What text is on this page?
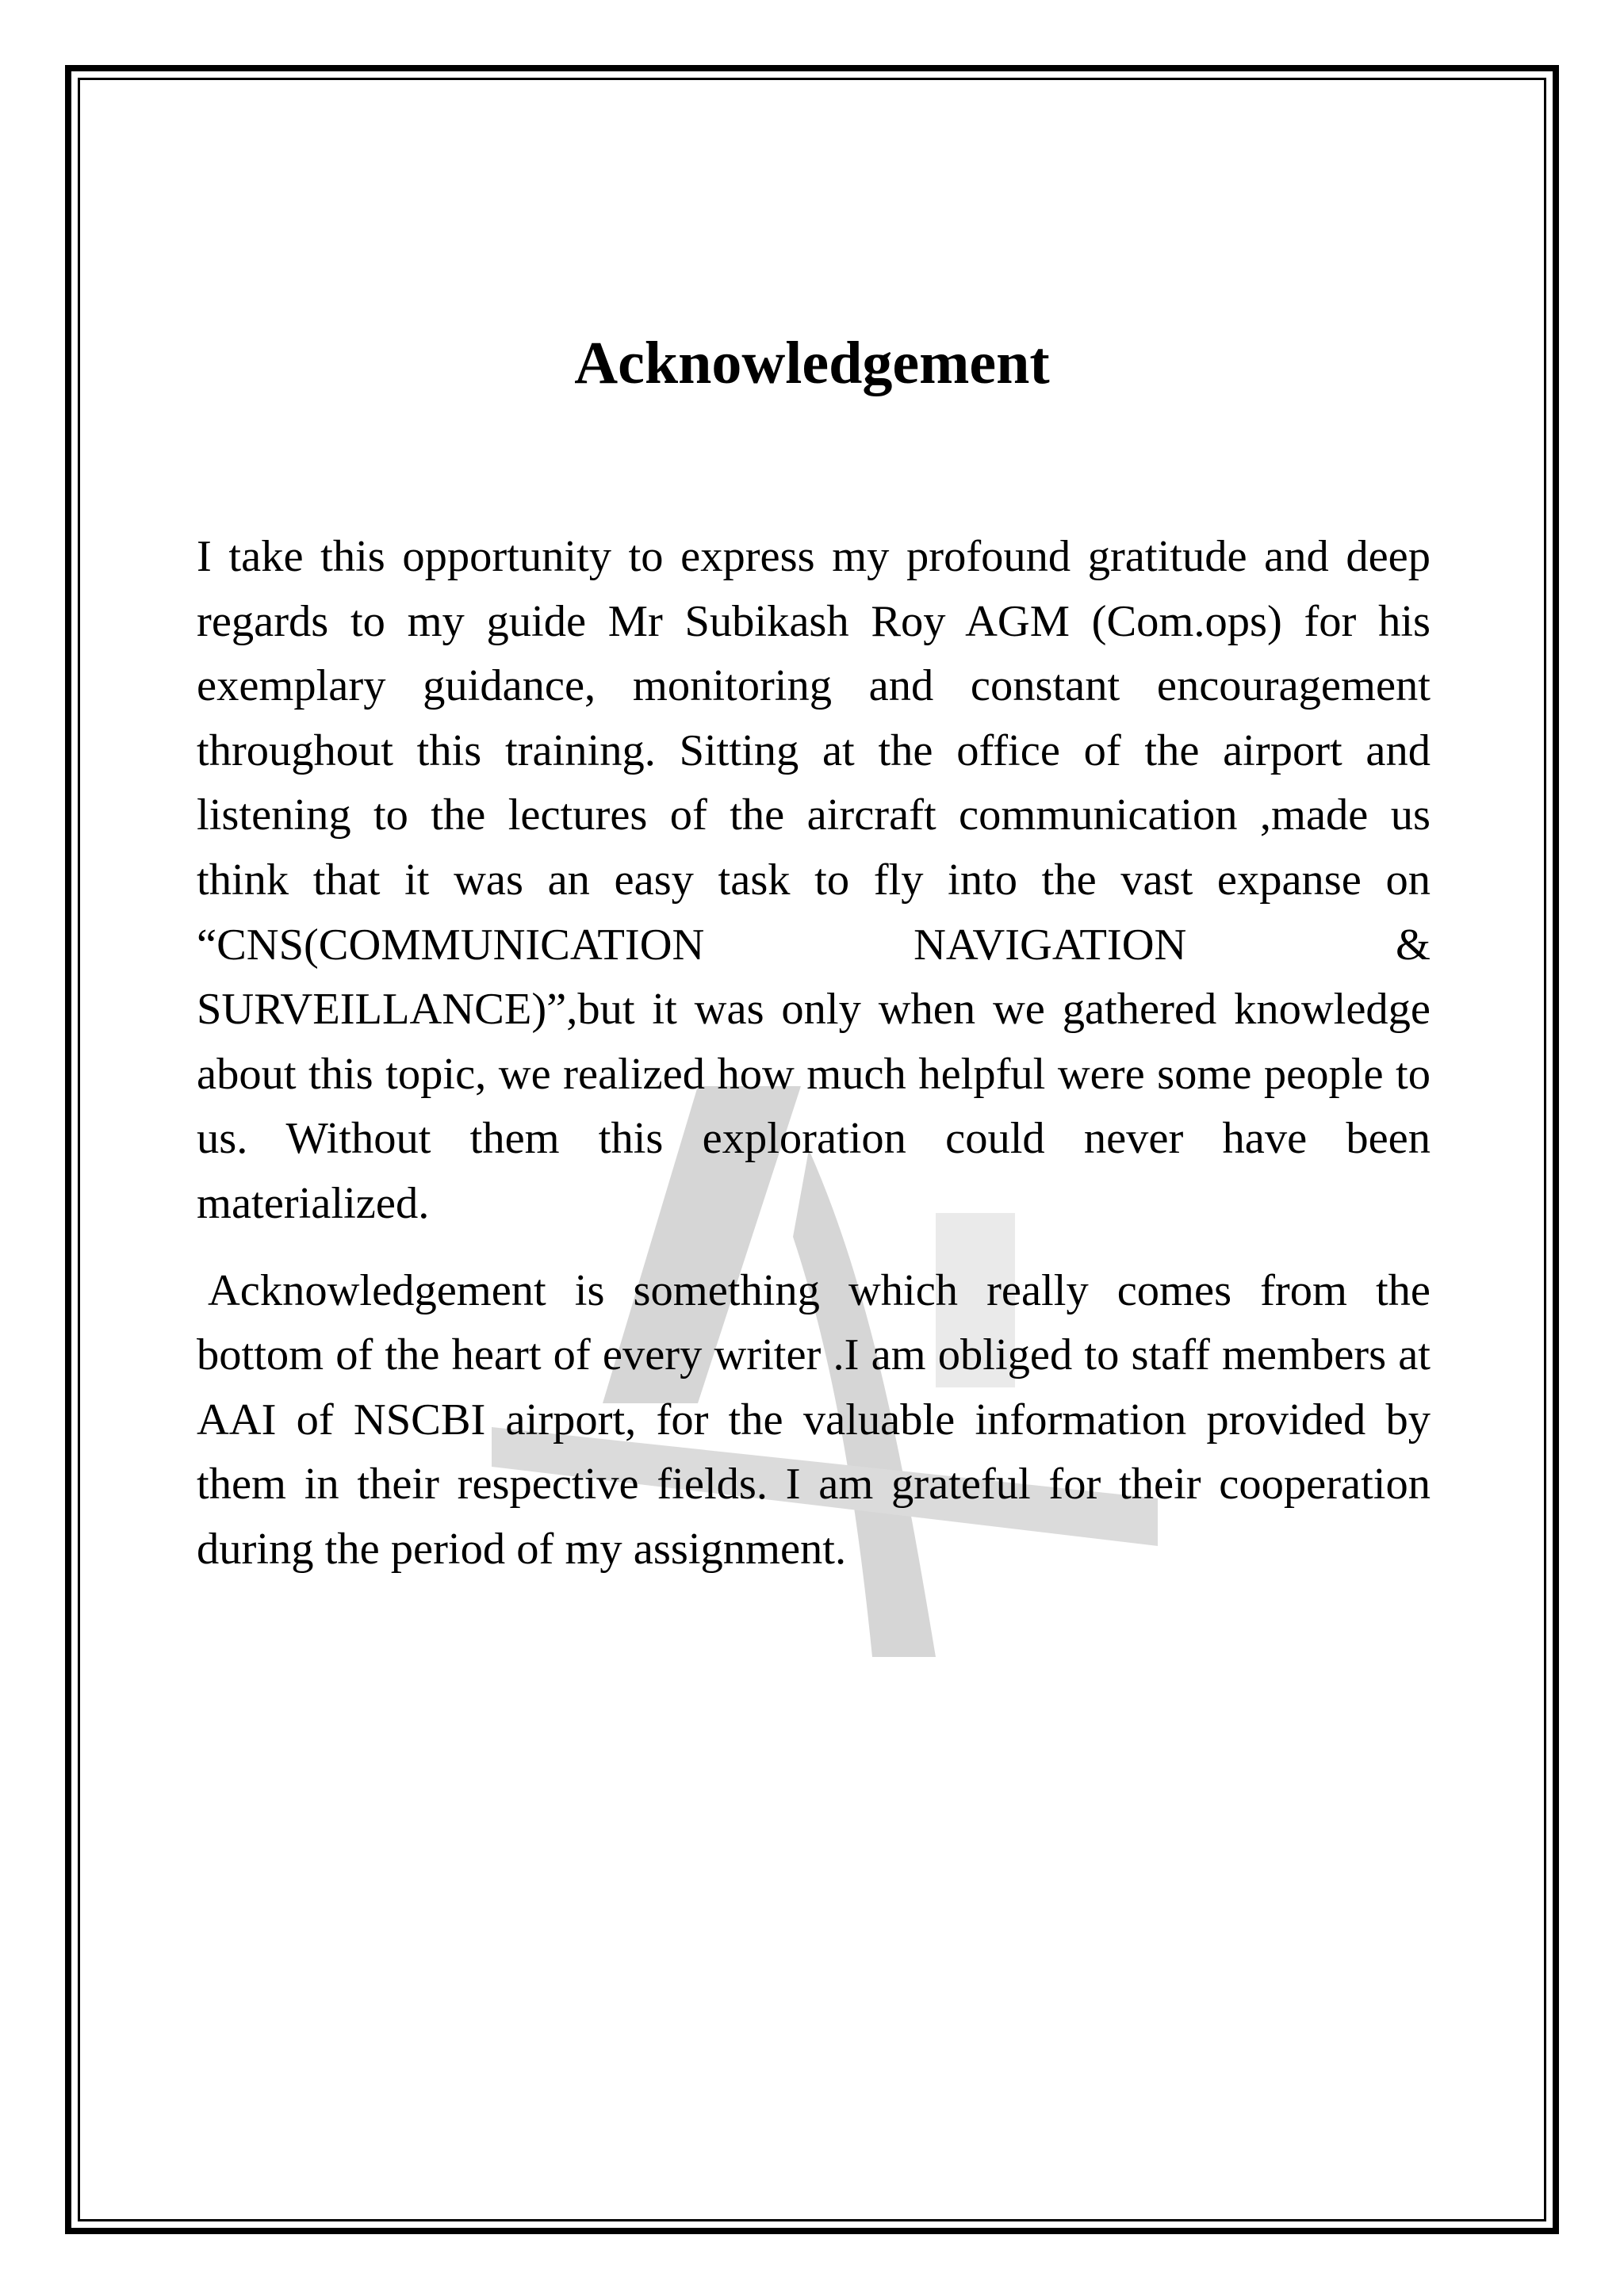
Acknowledgement

I take this opportunity to express my profound gratitude and deep regards to my guide Mr Subikash Roy AGM (Com.ops) for his exemplary guidance, monitoring and constant encouragement throughout this training. Sitting at the office of the airport and listening to the lectures of the aircraft communication ,made us think that it was an easy task to fly into the vast expanse on “CNS(COMMUNICATION NAVIGATION & SURVEILLANCE)”,but it was only when we gathered knowledge about this topic, we realized how much helpful were some people to us. Without them this exploration could never have been materialized.

Acknowledgement is something which really comes from the bottom of the heart of every writer .I am obliged to staff members at AAI of NSCBI airport, for the valuable information provided by them in their respective fields. I am grateful for their cooperation during the period of my assignment.
